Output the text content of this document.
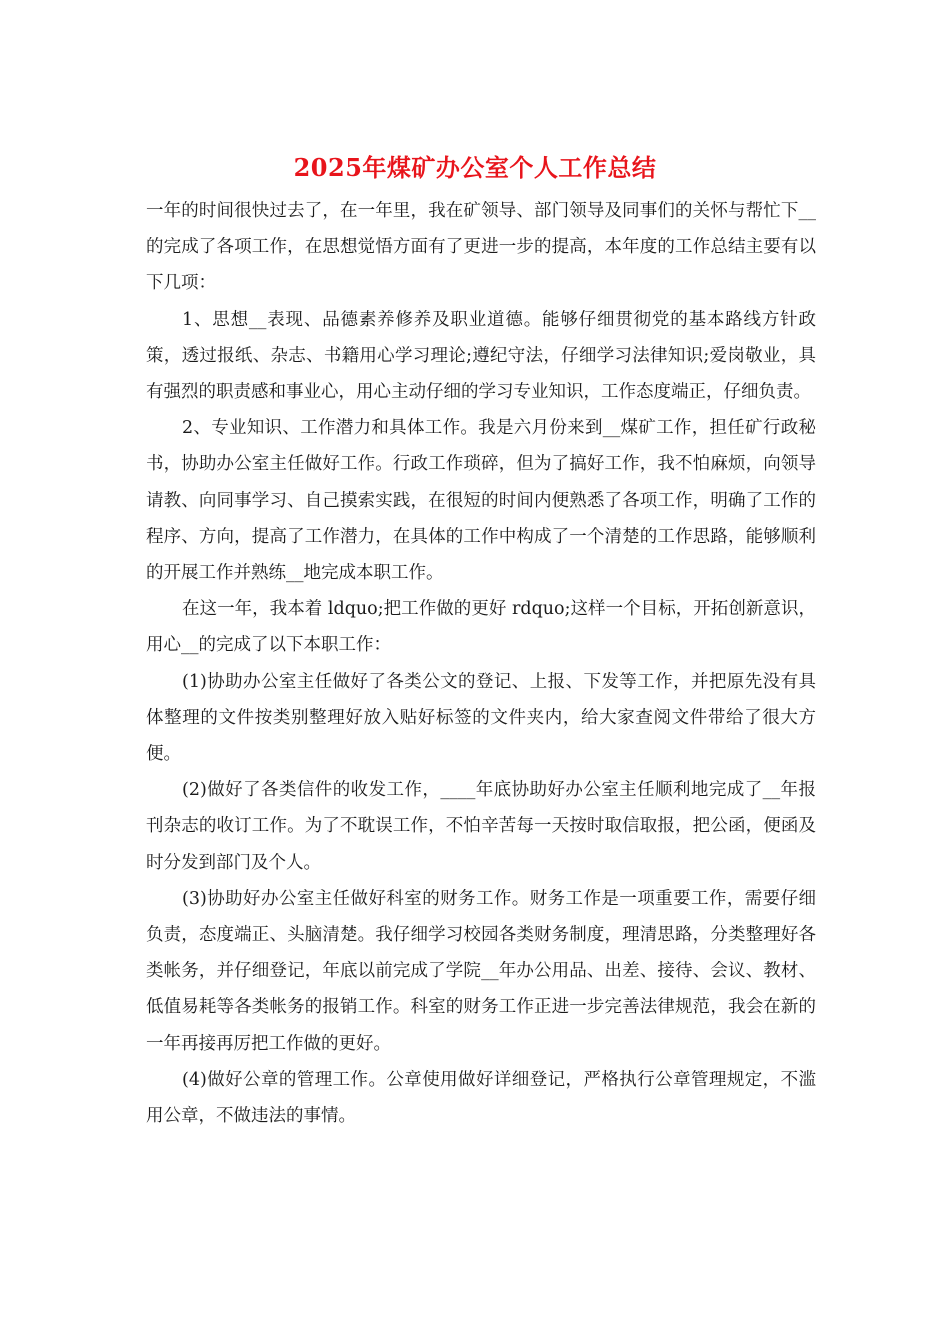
2025年煤矿办公室个人工作总结

一年的时间很快过去了，在一年里，我在矿领导、部门领导及同事们的关怀与帮忙下__的完成了各项工作，在思想觉悟方面有了更进一步的提高，本年度的工作总结主要有以下几项：

1、思想__表现、品德素养修养及职业道德。能够仔细贯彻党的基本路线方针政策，透过报纸、杂志、书籍用心学习理论;遵纪守法，仔细学习法律知识;爱岗敬业，具有强烈的职责感和事业心，用心主动仔细的学习专业知识，工作态度端正，仔细负责。

2、专业知识、工作潜力和具体工作。我是六月份来到__煤矿工作，担任矿行政秘书，协助办公室主任做好工作。行政工作琐碎，但为了搞好工作，我不怕麻烦，向领导请教、向同事学习、自己摸索实践，在很短的时间内便熟悉了各项工作，明确了工作的程序、方向，提高了工作潜力，在具体的工作中构成了一个清楚的工作思路，能够顺利的开展工作并熟练__地完成本职工作。

在这一年，我本着 ldquo;把工作做的更好 rdquo;这样一个目标，开拓创新意识，用心__的完成了以下本职工作：

(1)协助办公室主任做好了各类公文的登记、上报、下发等工作，并把原先没有具体整理的文件按类别整理好放入贴好标签的文件夹内，给大家查阅文件带给了很大方便。

(2)做好了各类信件的收发工作，____年底协助好办公室主任顺利地完成了__年报刊杂志的收订工作。为了不耽误工作，不怕辛苦每一天按时取信取报，把公函，便函及时分发到部门及个人。

(3)协助好办公室主任做好科室的财务工作。财务工作是一项重要工作，需要仔细负责，态度端正、头脑清楚。我仔细学习校园各类财务制度，理清思路，分类整理好各类帐务，并仔细登记，年底以前完成了学院__年办公用品、出差、接待、会议、教材、低值易耗等各类帐务的报销工作。科室的财务工作正进一步完善法律规范，我会在新的一年再接再厉把工作做的更好。

(4)做好公章的管理工作。公章使用做好详细登记，严格执行公章管理规定，不滥用公章，不做违法的事情。
